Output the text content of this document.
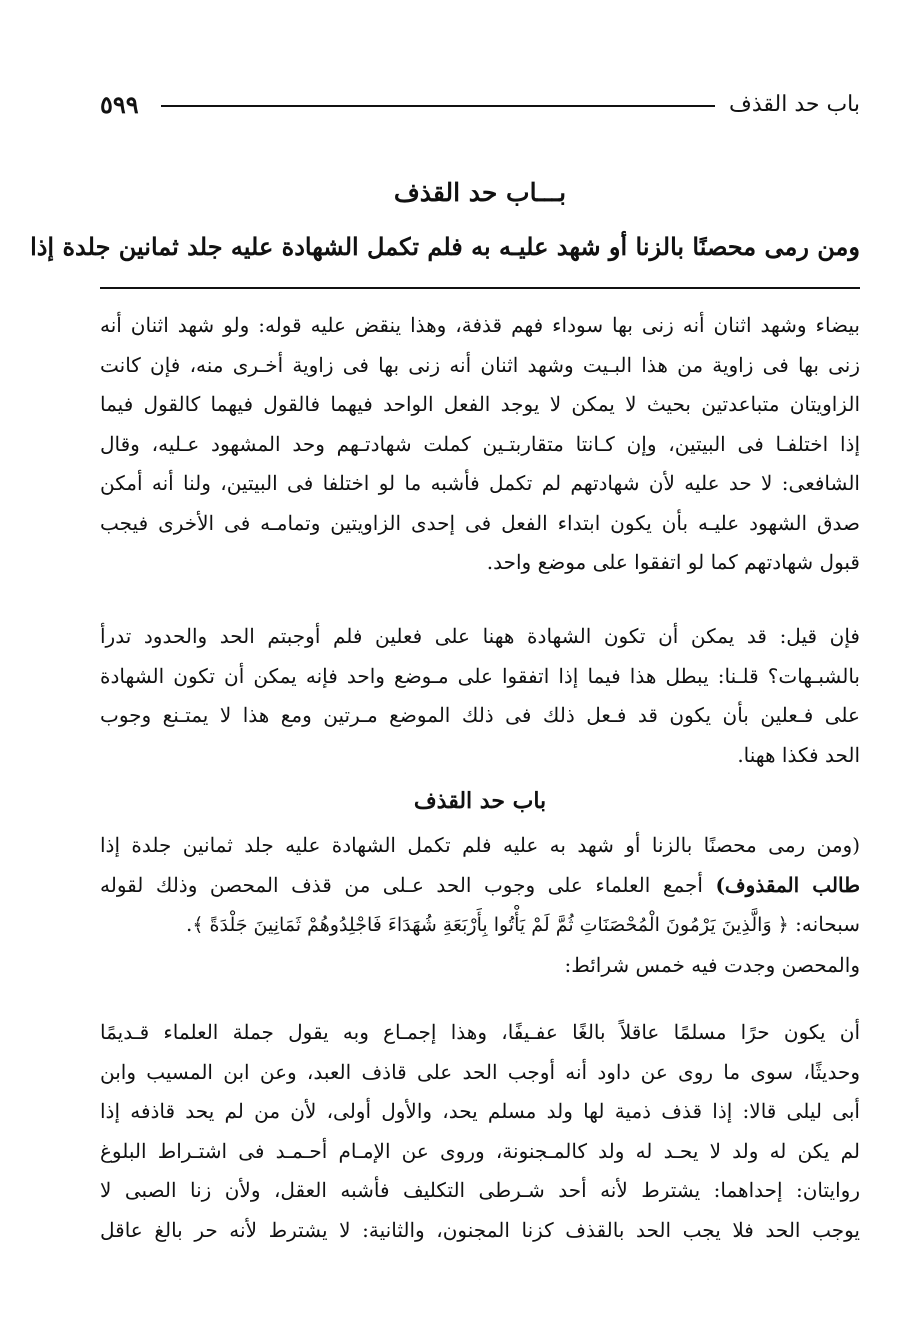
باب حد القذف
٥٩٩
بـــاب حد القذف
ومن رمى محصنًا بالزنا أو شهد عليـه به فلم تكمل الشهادة عليه جلد ثمانين جلدة إذا
بيضاء وشهد اثنان أنه زنى بها سوداء فهم قذفة، وهذا ينقض عليه قوله: ولو شهد اثنان أنه
زنى بها فى زاوية من هذا البـيت وشهد اثنان أنه زنى بها فى زاوية أخـرى منه، فإن كانت
الزاويتان متباعدتين بحيث لا يمكن لا يوجد الفعل الواحد فيهما فالقول فيهما كالقول فيما
إذا اختلفـا فى البيتين، وإن كـانتا متقاربتـين كملت شهادتـهم وحد المشهود عـليه، وقال
الشافعى: لا حد عليه لأن شهادتهم لم تكمل فأشبه ما لو اختلفا فى البيتين، ولنا أنه أمكن
صدق الشهود عليـه بأن يكون ابتداء الفعل فى إحدى الزاويتين وتمامـه فى الأخرى فيجب
قبول شهادتهم كما لو اتفقوا على موضع واحد.
فإن قيل: قد يمكن أن تكون الشهادة ههنا على فعلين فلم أوجبتم الحد والحدود تدرأ
بالشبـهات؟ قلـنا: يبطل هذا فيما إذا اتفقوا على مـوضع واحد فإنه يمكن أن تكون الشهادة
على فـعلين بأن يكون قد فـعل ذلك فى ذلك الموضع مـرتين ومع هذا لا يمتـنع وجوب
الحد فكذا ههنا.
باب حد القذف
(ومن رمى محصنًا بالزنا أو شهد به عليه فلم تكمل الشهادة عليه جلد ثمانين جلدة إذا
طالب المقذوف) أجمع العلماء على وجوب الحد عـلى من قذف المحصن وذلك لقوله
سبحانه: ﴿ وَالَّذِينَ يَرْمُونَ الْمُحْصَنَاتِ ثُمَّ لَمْ يَأْتُوا بِأَرْبَعَةِ شُهَدَاءَ فَاجْلِدُوهُمْ ثَمَانِينَ جَلْدَةً ﴾.
والمحصن وجدت فيه خمس شرائط:
أن يكون حرًا مسلمًا عاقلاً بالغًا عفـيفًا، وهذا إجمـاع وبه يقول جملة العلماء قـديمًا
وحديثًا، سوى ما روى عن داود أنه أوجب الحد على قاذف العبد، وعن ابن المسيب وابن
أبى ليلى قالا: إذا قذف ذمية لها ولد مسلم يحد، والأول أولى، لأن من لم يحد قاذفه إذا
لم يكن له ولد لا يحـد له ولد كالمـجنونة، وروى عن الإمـام أحـمـد فى اشتـراط البلوغ
روايتان: إحداهما: يشترط لأنه أحد شـرطى التكليف فأشبه العقل، ولأن زنا الصبى لا
يوجب الحد فلا يجب الحد بالقذف كزنا المجنون، والثانية: لا يشترط لأنه حر بالغ عاقل
